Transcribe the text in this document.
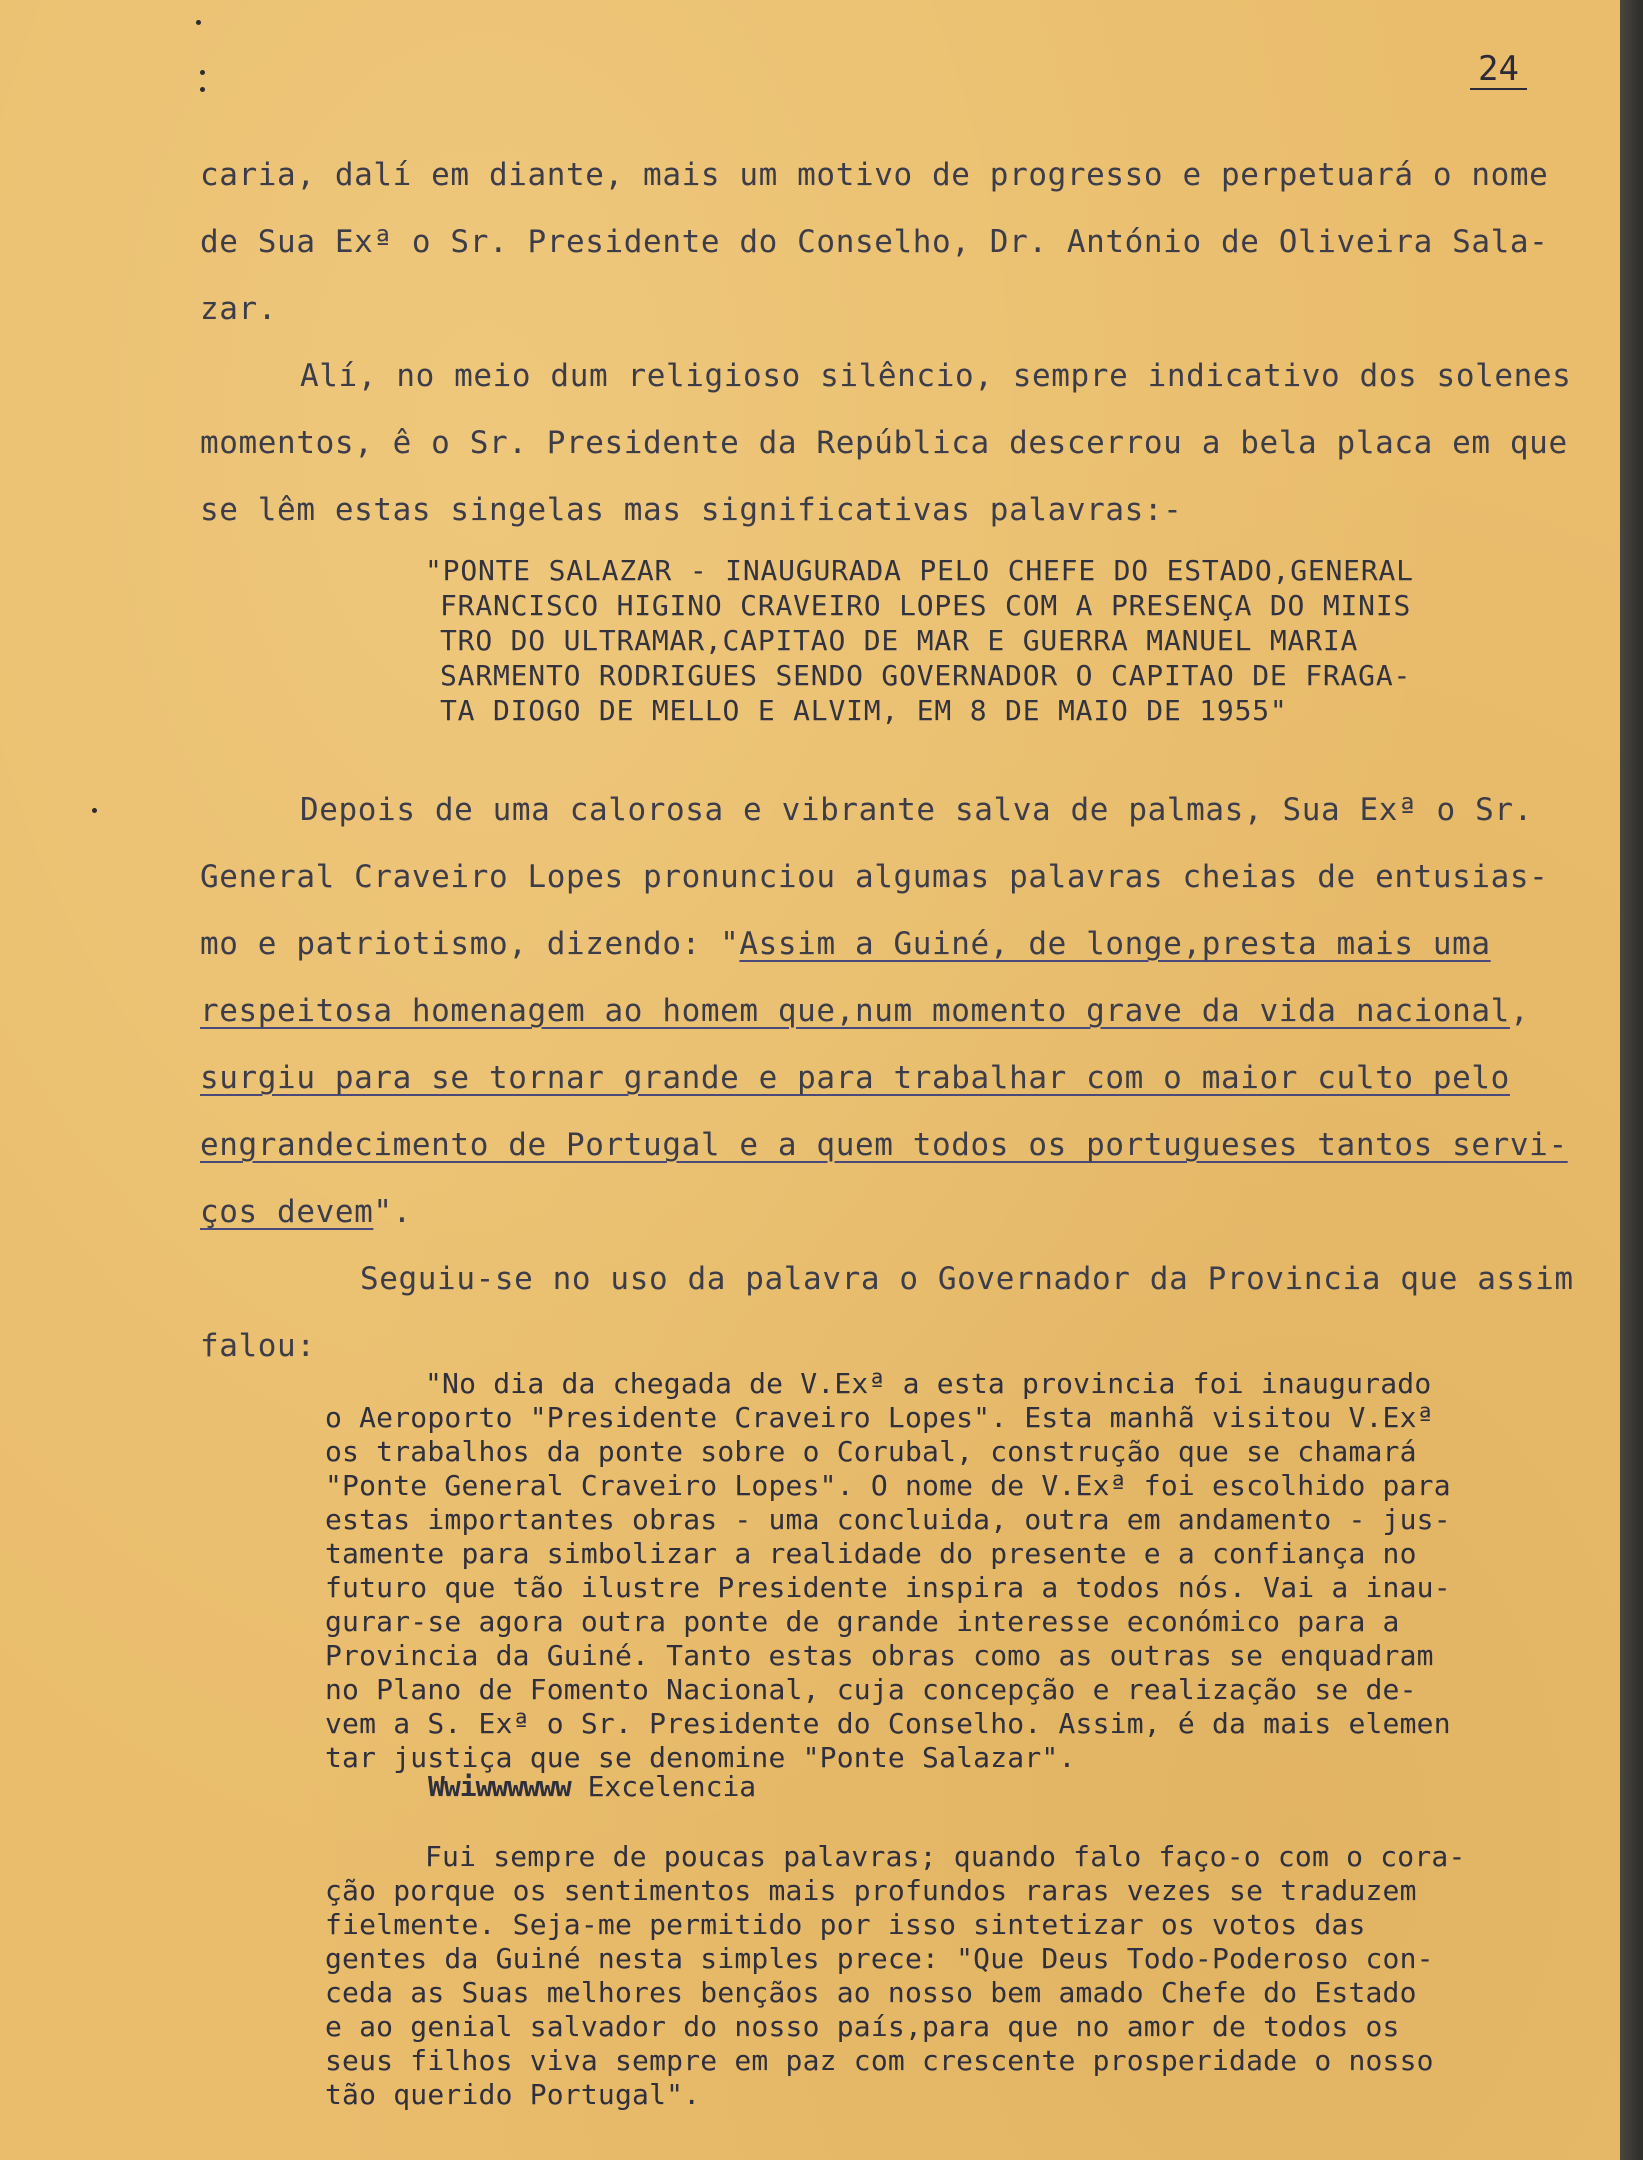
24
caria, dalí em diante, mais um motivo de progresso e perpetuará o nome
de Sua Exª o Sr. Presidente do Conselho, Dr. António de Oliveira Sala-
zar.
Alí, no meio dum religioso silêncio, sempre indicativo dos solenes
momentos, ê o Sr. Presidente da República descerrou a bela placa em que
se lêm estas singelas mas significativas palavras:-
"PONTE SALAZAR - INAUGURADA PELO CHEFE DO ESTADO,GENERAL
FRANCISCO HIGINO CRAVEIRO LOPES COM A PRESENÇA DO MINIS
TRO DO ULTRAMAR,CAPITAO DE MAR E GUERRA MANUEL MARIA
SARMENTO RODRIGUES SENDO GOVERNADOR O CAPITAO DE FRAGA-
TA DIOGO DE MELLO E ALVIM, EM 8 DE MAIO DE 1955"
Depois de uma calorosa e vibrante salva de palmas, Sua Exª o Sr.
General Craveiro Lopes pronunciou algumas palavras cheias de entusias-
mo e patriotismo, dizendo: "Assim a Guiné, de longe,presta mais uma
respeitosa homenagem ao homem que,num momento grave da vida nacional,
surgiu para se tornar grande e para trabalhar com o maior culto pelo
engrandecimento de Portugal e a quem todos os portugueses tantos servi-
ços devem".
Seguiu-se no uso da palavra o Governador da Provincia que assim
falou:
"No dia da chegada de V.Exª a esta provincia foi inaugurado
o Aeroporto "Presidente Craveiro Lopes". Esta manhã visitou V.Exª
os trabalhos da ponte sobre o Corubal, construção que se chamará
"Ponte General Craveiro Lopes". O nome de V.Exª foi escolhido para
estas importantes obras - uma concluida, outra em andamento - jus-
tamente para simbolizar a realidade do presente e a confiança no
futuro que tão ilustre Presidente inspira a todos nós. Vai a inau-
gurar-se agora outra ponte de grande interesse económico para a
Provincia da Guiné. Tanto estas obras como as outras se enquadram
no Plano de Fomento Nacional, cuja concepção e realização se de-
vem a S. Exª o Sr. Presidente do Conselho. Assim, é da mais elemen
tar justiça que se denomine "Ponte Salazar".
Wwiwwwwww Excelencia
Fui sempre de poucas palavras; quando falo faço-o com o cora-
ção porque os sentimentos mais profundos raras vezes se traduzem
fielmente. Seja-me permitido por isso sintetizar os votos das
gentes da Guiné nesta simples prece: "Que Deus Todo-Poderoso con-
ceda as Suas melhores bençãos ao nosso bem amado Chefe do Estado
e ao genial salvador do nosso país,para que no amor de todos os
seus filhos viva sempre em paz com crescente prosperidade o nosso
tão querido Portugal".
